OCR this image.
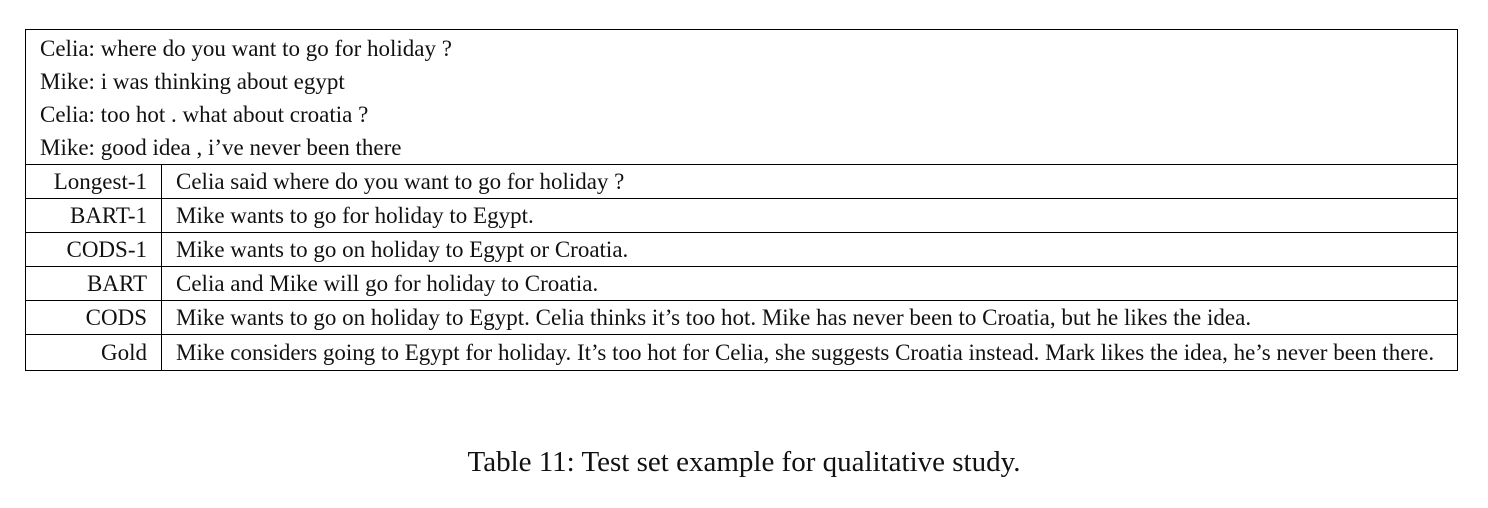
Celia: where do you want to go for holiday ?
Mike: i was thinking about egypt
Celia: too hot . what about croatia ?
Mike: good idea , i’ve never been there	

Longest-1	Celia said where do you want to go for holiday ?
BART-1	Mike wants to go for holiday to Egypt.
CODS-1	Mike wants to go on holiday to Egypt or Croatia.
BART	Celia and Mike will go for holiday to Croatia.
CODS	Mike wants to go on holiday to Egypt. Celia thinks it’s too hot. Mike has never been to Croatia, but he likes the idea.
Gold	Mike considers going to Egypt for holiday. It’s too hot for Celia, she suggests Croatia instead. Mark likes the idea, he’s never been there.
Table 11: Test set example for qualitative study.
